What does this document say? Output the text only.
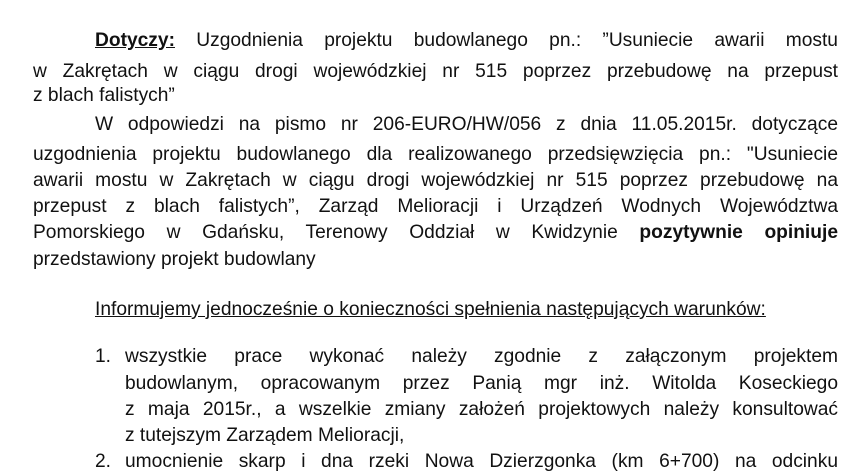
Dotyczy: Uzgodnienia projektu budowlanego pn.: ”Usuniecie awarii mostu
w Zakrętach w ciągu drogi wojewódzkiej nr 515 poprzez przebudowę na przepust
z blach falistych”
W odpowiedzi na pismo nr 206-EURO/HW/056 z dnia 11.05.2015r. dotyczące
uzgodnienia projektu budowlanego dla realizowanego przedsięwzięcia pn.: "Usuniecie
awarii mostu w Zakrętach w ciągu drogi wojewódzkiej nr 515 poprzez przebudowę na
przepust z blach falistych”, Zarząd Melioracji i Urządzeń Wodnych Województwa
Pomorskiego w Gdańsku, Terenowy Oddział w Kwidzynie pozytywnie opiniuje
przedstawiony projekt budowlany
Informujemy jednocześnie o konieczności spełnienia następujących warunków:
1. wszystkie prace wykonać należy zgodnie z załączonym projektem
budowlanym, opracowanym przez Panią mgr inż. Witolda Koseckiego
z maja 2015r., a wszelkie zmiany założeń projektowych należy konsultować
z tutejszym Zarządem Melioracji,
2. umocnienie skarp i dna rzeki Nowa Dzierzgonka (km 6+700) na odcinku
